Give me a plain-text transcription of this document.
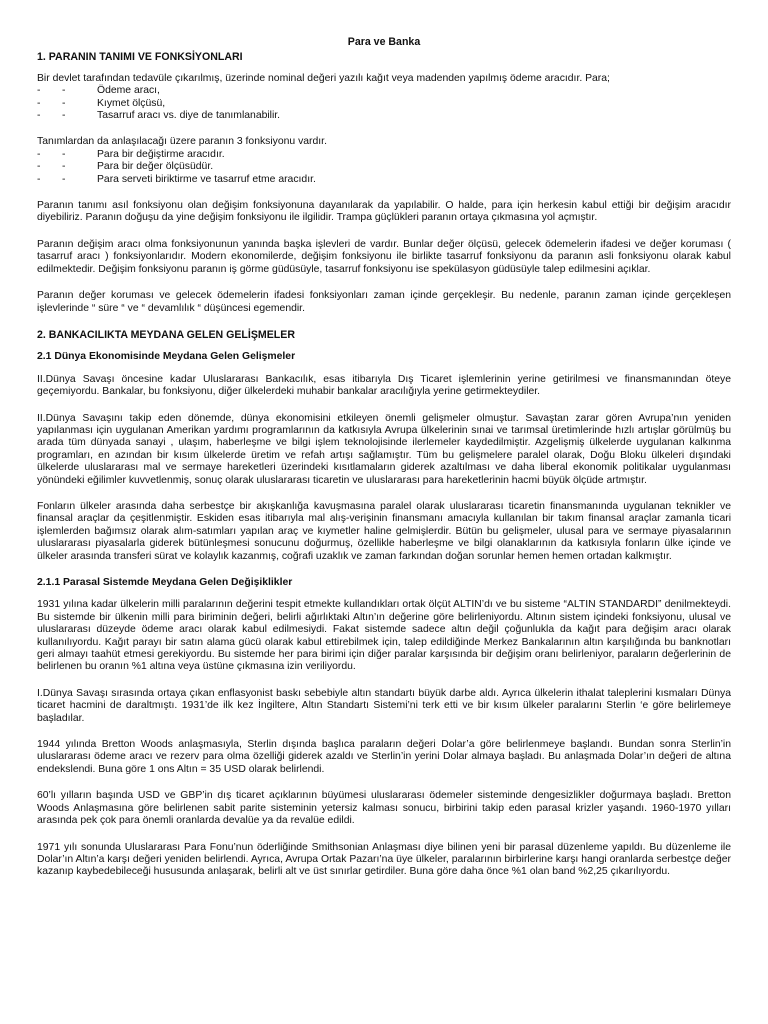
Para ve Banka
1. PARANIN TANIMI VE FONKSİYONLARI

Bir devlet tarafından tedavüle çıkarılmış, üzerinde nominal değeri yazılı kağıt veya madenden yapılmış ödeme aracıdır. Para;

- -	Ödeme aracı,
- -	Kıymet ölçüsü,
- -	Tasarruf aracı vs. diye de tanımlanabilir.

Tanımlardan da anlaşılacağı üzere paranın 3 fonksiyonu vardır.

- -	Para bir değiştirme aracıdır.
- -	Para bir değer ölçüsüdür.
- -	Para serveti biriktirme ve tasarruf etme aracıdır.

Paranın tanımı asıl fonksiyonu olan değişim fonksiyonuna dayanılarak da yapılabilir. O halde, para için herkesin kabul ettiği bir değişim aracıdır diyebiliriz. Paranın doğuşu da yine değişim fonksiyonu ile ilgilidir. Trampa güçlükleri paranın ortaya çıkmasına yol açmıştır.

Paranın değişim aracı olma fonksiyonunun yanında başka işlevleri de vardır. Bunlar değer ölçüsü, gelecek ödemelerin ifadesi ve değer koruması ( tasarruf aracı ) fonksiyonlarıdır. Modern ekonomilerde, değişim fonksiyonu ile birlikte tasarruf fonksiyonu da paranın asli fonksiyonu olarak kabul edilmektedir. Değişim fonksiyonu paranın iş görme güdüsüyle, tasarruf fonksiyonu ise spekülasyon güdüsüyle talep edilmesini açıklar.

Paranın değer koruması ve gelecek ödemelerin ifadesi fonksiyonları zaman içinde gerçekleşir. Bu nedenle, paranın zaman içinde gerçekleşen işlevlerinde “ süre “ ve “ devamlılık “ düşüncesi egemendir.

2. BANKACILIKTA MEYDANA GELEN GELİŞMELER
2.1 Dünya Ekonomisinde Meydana Gelen Gelişmeler

II.Dünya Savaşı öncesine kadar Uluslararası Bankacılık, esas itibarıyla Dış Ticaret işlemlerinin yerine getirilmesi ve finansmanından öteye geçemiyordu. Bankalar, bu fonksiyonu, diğer ülkelerdeki muhabir bankalar aracılığıyla yerine getirmekteydiler.

II.Dünya Savaşını takip eden dönemde, dünya ekonomisini etkileyen önemli gelişmeler olmuştur. Savaştan zarar gören Avrupa’nın yeniden yapılanması için uygulanan Amerikan yardımı programlarının da katkısıyla Avrupa ülkelerinin sınai ve tarımsal üretimlerinde hızlı artışlar görülmüş bu arada tüm dünyada sanayi , ulaşım, haberleşme ve bilgi işlem teknolojisinde ilerlemeler kaydedilmiştir. Azgelişmiş ülkelerde uygulanan kalkınma programları, en azından bir kısım ülkelerde üretim ve refah artışı sağlamıştır. Tüm bu gelişmelere paralel olarak, Doğu Bloku ülkeleri dışındaki ülkelerde uluslararası mal ve sermaye hareketleri üzerindeki kısıtlamaların giderek azaltılması ve daha liberal ekonomik politikalar uygulanması yönündeki eğilimler kuvvetlenmiş, sonuç olarak uluslararası ticaretin ve uluslararası para hareketlerinin hacmi büyük ölçüde artmıştır.

Fonların ülkeler arasında daha serbestçe bir akışkanlığa kavuşmasına paralel olarak uluslararası ticaretin finansmanında uygulanan teknikler ve finansal araçlar da çeşitlenmiştir. Eskiden esas itibarıyla mal alış-verişinin finansmanı amacıyla kullanılan bir takım finansal araçlar zamanla ticari işlemlerden bağımsız olarak alım-satımları yapılan araç ve kıymetler haline gelmişlerdir. Bütün bu gelişmeler, ulusal para ve sermaye piyasalarının uluslararası piyasalarla giderek bütünleşmesi sonucunu doğurmuş, özellikle haberleşme ve bilgi olanaklarının da katkısıyla fonların ülke içinde ve ülkeler arasında transferi sürat ve kolaylık kazanmış, coğrafi uzaklık ve zaman farkından doğan sorunlar hemen hemen ortadan kalkmıştır.

2.1.1 Parasal Sistemde Meydana Gelen Değişiklikler

1931 yılına kadar ülkelerin milli paralarının değerini tespit etmekte kullandıkları ortak ölçüt ALTIN’dı ve bu sisteme “ALTIN STANDARDI” denilmekteydi. Bu sistemde bir ülkenin milli para biriminin değeri, belirli ağırlıktaki Altın’ın değerine göre belirleniyordu. Altının sistem içindeki fonksiyonu, ulusal ve uluslararası düzeyde ödeme aracı olarak kabul edilmesiydi. Fakat sistemde sadece altın değil çoğunlukla da kağıt para değişim aracı olarak kullanılıyordu. Kağıt parayı bir satın alama gücü olarak kabul ettirebilmek için, talep edildiğinde Merkez Bankalarının altın karşılığında bu banknotları geri almayı taahüt etmesi gerekiyordu. Bu sistemde her para birimi için diğer paralar karşısında bir değişim oranı belirleniyor, paraların değerlerinin de belirlenen bu oranın %1 altına veya üstüne çıkmasına izin veriliyordu.

I.Dünya Savaşı sırasında ortaya çıkan enflasyonist baskı sebebiyle altın standartı büyük darbe aldı. Ayrıca ülkelerin ithalat taleplerini kısmaları Dünya ticaret hacmini de daraltmıştı. 1931’de ilk kez İngiltere, Altın Standartı Sistemi’ni terk etti ve bir kısım ülkeler paralarını Sterlin ‘e göre belirlemeye başladılar.

1944 yılında Bretton Woods anlaşmasıyla, Sterlin dışında başlıca paraların değeri Dolar’a göre belirlenmeye başlandı. Bundan sonra Sterlin’in uluslararası ödeme aracı ve rezerv para olma özelliği giderek azaldı ve Sterlin’in yerini Dolar almaya başladı. Bu anlaşmada Dolar’ın değeri de altına endekslendi. Buna göre 1 ons Altın = 35 USD olarak belirlendi.

60’lı yılların başında USD ve GBP’in dış ticaret açıklarının büyümesi uluslararası ödemeler sisteminde dengesizlikler doğurmaya başladı. Bretton Woods Anlaşmasına göre belirlenen sabit parite sisteminin yetersiz kalması sonucu, birbirini takip eden parasal krizler yaşandı. 1960-1970 yılları arasında pek çok para önemli oranlarda devalüe ya da revalüe edildi.

1971 yılı sonunda Uluslararası Para Fonu’nun öderliğinde Smithsonian Anlaşması diye bilinen yeni bir parasal düzenleme yapıldı. Bu düzenleme ile Dolar’ın Altın’a karşı değeri yeniden belirlendi. Ayrıca, Avrupa Ortak Pazarı’na üye ülkeler, paralarının birbirlerine karşı hangi oranlarda serbestçe değer kazanıp kaybedebileceği hususunda anlaşarak, belirli alt ve üst sınırlar getirdiler. Buna göre daha önce %1 olan band %2,25 çıkarılıyordu.
